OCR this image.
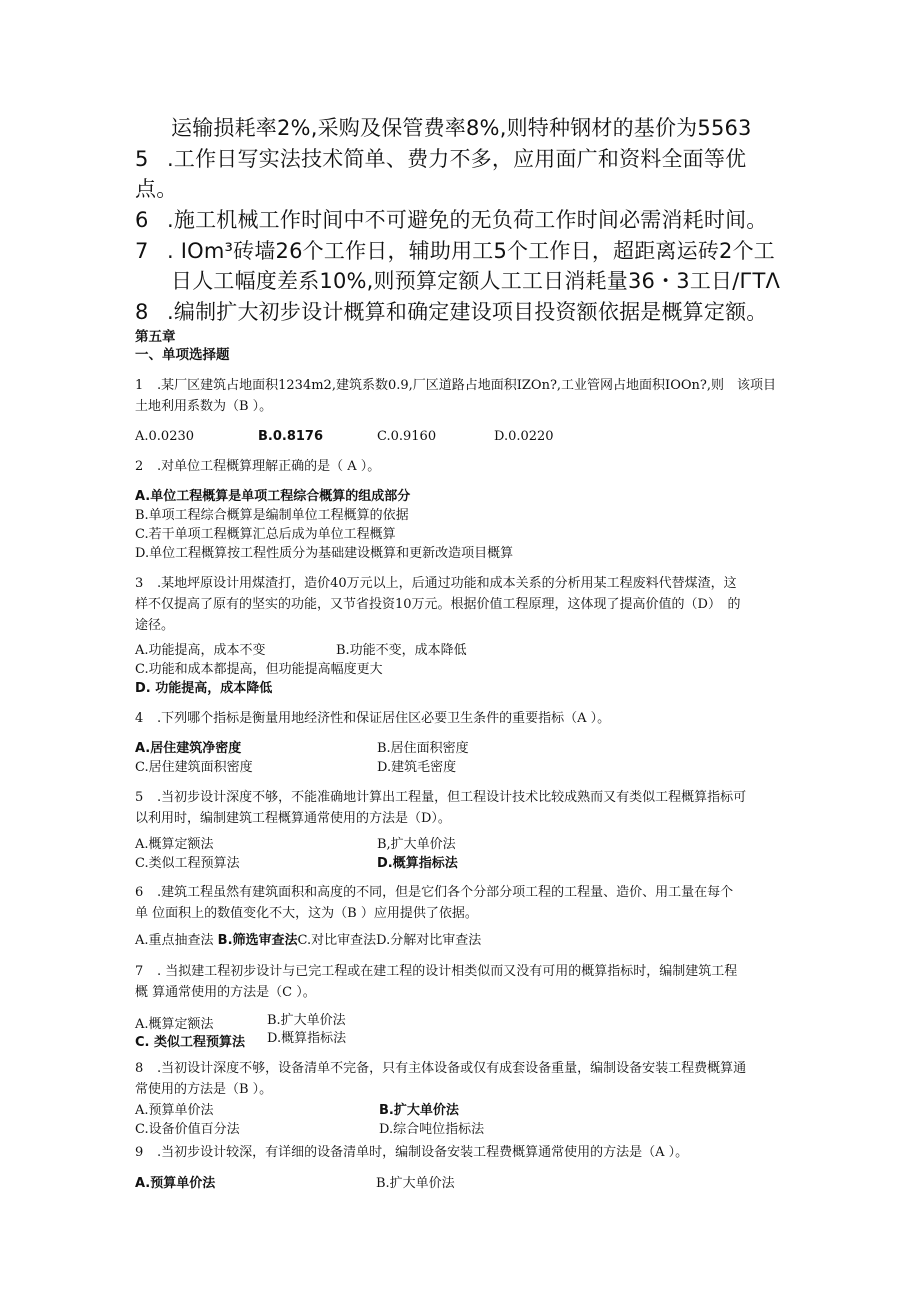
运输损耗率2%,采购及保管费率8%,则特种钢材的基价为5563
5 .工作日写实法技术简单、费力不多，应用面广和资料全面等优
点。
6 .施工机械工作时间中不可避免的无负荷工作时间必需消耗时间。
7 . IOm³砖墙26个工作日，辅助用工5个工作日，超距离运砖2个工
日人工幅度差系10%,则预算定额人工工日消耗量36・3工日/ГТΛ
8 .编制扩大初步设计概算和确定建设项目投资额依据是概算定额。
第五章
一、单项选择题
1 .某厂区建筑占地面积1234m2,建筑系数0.9,厂区道路占地面积IZOn?,工业管网占地面积IOOn?,则　该项目
土地利用系数为（B ）。
A.0.0230	B.0.8176	C.0.9160	D.0.0220
2 .对单位工程概算理解正确的是（ A ）。
A.单位工程概算是单项工程综合概算的组成部分
B.单项工程综合概算是编制单位工程概算的依据
C.若干单项工程概算汇总后成为单位工程概算
D.单位工程概算按工程性质分为基础建设概算和更新改造项目概算
3 .某地坪原设计用煤渣打，造价40万元以上，后通过功能和成本关系的分析用某工程废料代替煤渣，这
样不仅提高了原有的坚实的功能，又节省投资10万元。根据价值工程原理，这体现了提高价值的（D）　的
途径。
A.功能提高，成本不变	B.功能不变，成本降低
C.功能和成本都提高，但功能提高幅度更大
D. 功能提高，成本降低
4 .下列哪个指标是衡量用地经济性和保证居住区必要卫生条件的重要指标（A ）。
A.居住建筑净密度	B.居住面积密度
C.居住建筑面积密度	D.建筑毛密度
5 .当初步设计深度不够，不能准确地计算出工程量，但工程设计技术比较成熟而又有类似工程概算指标可
以利用时，编制建筑工程概算通常使用的方法是（D）。
A.概算定额法	B,扩大单价法
C.类似工程预算法	D.概算指标法
6 .建筑工程虽然有建筑面积和高度的不同，但是它们各个分部分项工程的工程量、造价、用工量在每个
单 位面积上的数值变化不大，这为（B ）应用提供了依据。
A.重点抽查法 B.筛选审查法C.对比审查法D.分解对比审查法
7 . 当拟建工程初步设计与已完工程或在建工程的设计相类似而又没有可用的概算指标时，编制建筑工程
概 算通常使用的方法是（C ）。
A.概算定额法	B.扩大单价法
C. 类似工程预算法 D.概算指标法
8 .当初设计深度不够，设备清单不完备，只有主体设备或仅有成套设备重量，编制设备安装工程费概算通
常使用的方法是（B ）。
A.预算单价法	B.扩大单价法
C.设备价值百分法	D.综合吨位指标法
9 .当初步设计较深，有详细的设备清单时，编制设备安装工程费概算通常使用的方法是（A ）。
A.预算单价法	B.扩大单价法
